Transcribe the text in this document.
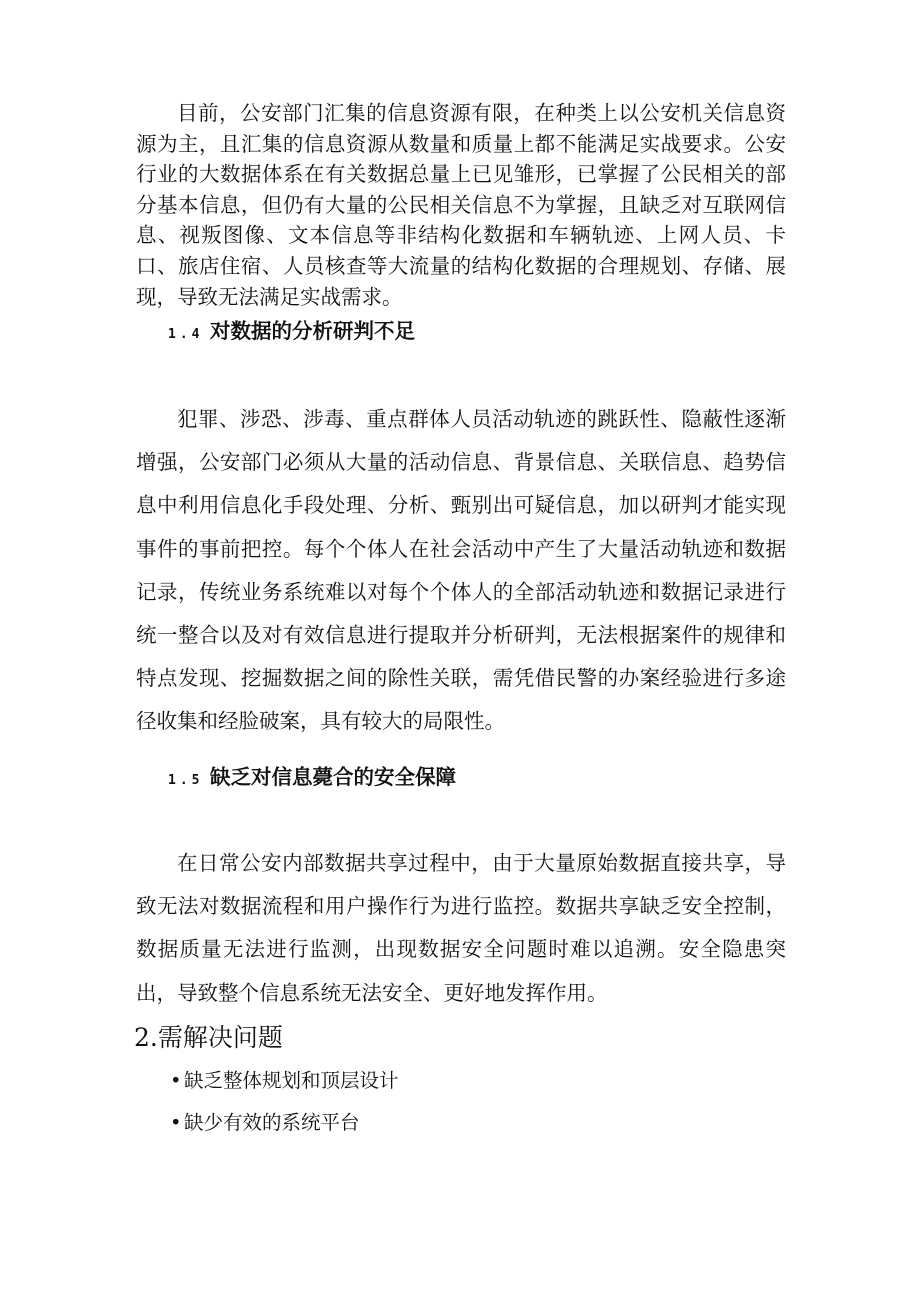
目前，公安部门汇集的信息资源有限，在种类上以公安机关信息资源为主，且汇集的信息资源从数量和质量上都不能满足实战要求。公安行业的大数据体系在有关数据总量上已见雏形，已掌握了公民相关的部分基本信息，但仍有大量的公民相关信息不为掌握，且缺乏对互联网信息、视叛图像、文本信息等非结构化数据和车辆轨迹、上网人员、卡口、旅店住宿、人员核查等大流量的结构化数据的合理规划、存储、展现，导致无法满足实战需求。

1.4 对数据的分析研判不足

犯罪、涉恐、涉毒、重点群体人员活动轨迹的跳跃性、隐蔽性逐渐增强，公安部门必须从大量的活动信息、背景信息、关联信息、趋势信息中利用信息化手段处理、分析、甄别出可疑信息，加以研判才能实现事件的事前把控。每个个体人在社会活动中产生了大量活动轨迹和数据记录，传统业务系统难以对每个个体人的全部活动轨迹和数据记录进行统一整合以及对有效信息进行提取并分析研判，无法根据案件的规律和特点发现、挖掘数据之间的除性关联，需凭借民警的办案经验进行多途径收集和经脸破案，具有较大的局限性。

1.5 缺乏对信息薨合的安全保障

在日常公安内部数据共享过程中，由于大量原始数据直接共享，导致无法对数据流程和用户操作行为进行监控。数据共享缺乏安全控制，数据质量无法进行监测，出现数据安全问题时难以追溯。安全隐患突出，导致整个信息系统无法安全、更好地发挥作用。

2.需解决问题
• 缺乏整体规划和顶层设计
• 缺少有效的系统平台
